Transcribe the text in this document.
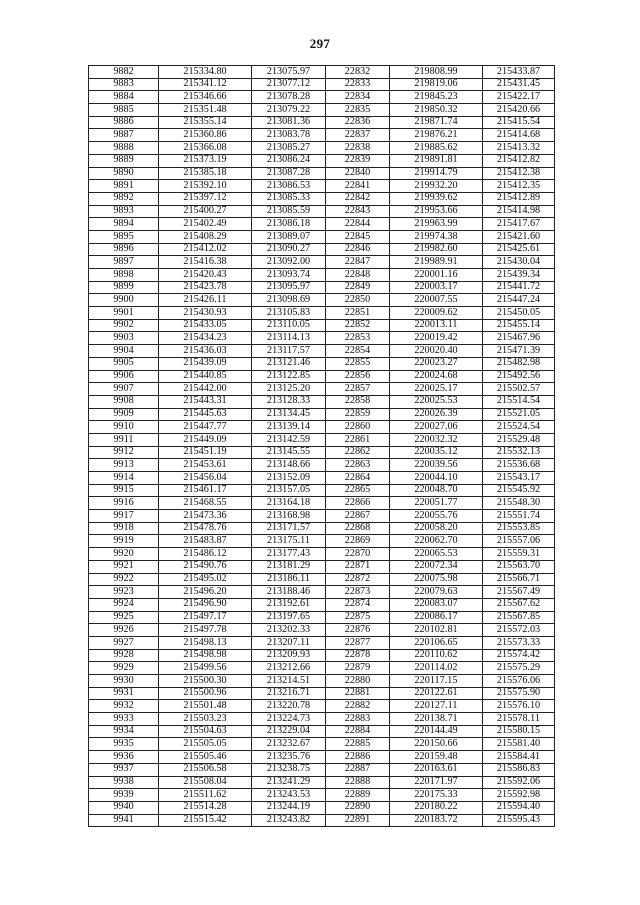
297
9882	215334.80	213075.97	22832	219808.99	215433.87
9883	215341.12	213077.12	22833	219819.06	215431.45
9884	215346.66	213078.28	22834	219845.23	215422.17
9885	215351.48	213079.22	22835	219850.32	215420.66
9886	215355.14	213081.36	22836	219871.74	215415.54
9887	215360.86	213083.78	22837	219876.21	215414.68
9888	215366.08	213085.27	22838	219885.62	215413.32
9889	215373.19	213086.24	22839	219891.81	215412.82
9890	215385.18	213087.28	22840	219914.79	215412.38
9891	215392.10	213086.53	22841	219932.20	215412.35
9892	215397.12	213085.33	22842	219939.62	215412.89
9893	215400.27	213085.59	22843	219953.66	215414.98
9894	215402.49	213086.18	22844	219963.99	215417.67
9895	215408.29	213089.07	22845	219974.38	215421.60
9896	215412.02	213090.27	22846	219982.60	215425.61
9897	215416.38	213092.00	22847	219989.91	215430.04
9898	215420.43	213093.74	22848	220001.16	215439.34
9899	215423.78	213095.97	22849	220003.17	215441.72
9900	215426.11	213098.69	22850	220007.55	215447.24
9901	215430.93	213105.83	22851	220009.62	215450.05
9902	215433.05	213110.05	22852	220013.11	215455.14
9903	215434.23	213114.13	22853	220019.42	215467.96
9904	215436.03	213117.57	22854	220020.40	215471.39
9905	215439.09	213121.46	22855	220023.27	215482.98
9906	215440.85	213122.85	22856	220024.68	215492.56
9907	215442.00	213125.20	22857	220025.17	215502.57
9908	215443.31	213128.33	22858	220025.53	215514.54
9909	215445.63	213134.45	22859	220026.39	215521.05
9910	215447.77	213139.14	22860	220027.06	215524.54
9911	215449.09	213142.59	22861	220032.32	215529.48
9912	215451.19	213145.55	22862	220035.12	215532.13
9913	215453.61	213148.66	22863	220039.56	215536.68
9914	215456.04	213152.09	22864	220044.10	215543.17
9915	215461.17	213157.05	22865	220048.70	215545.92
9916	215468.55	213164.18	22866	220051.77	215548.30
9917	215473.36	213168.98	22867	220055.76	215551.74
9918	215478.76	213171.57	22868	220058.20	215553.85
9919	215483.87	213175.11	22869	220062.70	215557.06
9920	215486.12	213177.43	22870	220065.53	215559.31
9921	215490.76	213181.29	22871	220072.34	215563.70
9922	215495.02	213186.11	22872	220075.98	215566.71
9923	215496.20	213188.46	22873	220079.63	215567.49
9924	215496.90	213192.61	22874	220083.07	215567.62
9925	215497.17	213197.65	22875	220086.17	215567.85
9926	215497.78	213202.33	22876	220102.81	215572.03
9927	215498.13	213207.11	22877	220106.65	215573.33
9928	215498.98	213209.93	22878	220110.62	215574.42
9929	215499.56	213212.66	22879	220114.02	215575.29
9930	215500.30	213214.51	22880	220117.15	215576.06
9931	215500.96	213216.71	22881	220122.61	215575.90
9932	215501.48	213220.78	22882	220127.11	215576.10
9933	215503.23	213224.73	22883	220138.71	215578.11
9934	215504.63	213229.04	22884	220144.49	215580.15
9935	215505.05	213232.67	22885	220150.66	215581.40
9936	215505.46	213235.76	22886	220159.48	215584.41
9937	215506.58	213238.75	22887	220163.61	215586.83
9938	215508.04	213241.29	22888	220171.97	215592.06
9939	215511.62	213243.53	22889	220175.33	215592.98
9940	215514.28	213244.19	22890	220180.22	215594.40
9941	215515.42	213243.82	22891	220183.72	215595.43
